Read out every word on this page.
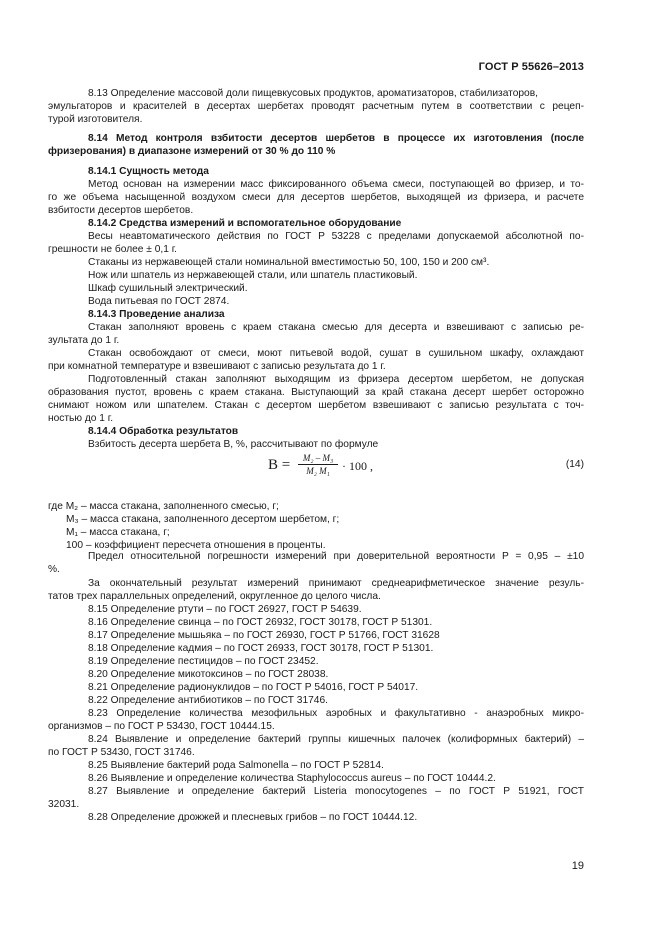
ГОСТ Р 55626–2013
8.13 Определение массовой доли пищевкусовых продуктов, ароматизаторов, стабилизаторов,
эмульгаторов и красителей в десертах шербетах проводят расчетным путем в соответствии с рецеп-
турой изготовителя.
8.14 Метод контроля взбитости десертов шербетов в процессе их изготовления (после
фризерования) в диапазоне измерений от 30 % до 110 %
8.14.1 Сущность метода
Метод основан на измерении масс фиксированного объема смеси, поступающей во фризер, и то-
го же объема насыщенной воздухом смеси для десертов шербетов, выходящей из фризера, и расчете
взбитости десертов шербетов.
8.14.2 Средства измерений и вспомогательное оборудование
Весы неавтоматического действия по ГОСТ Р 53228 с пределами допускаемой абсолютной по-
грешности не более ± 0,1 г.
Стаканы из нержавеющей стали номинальной вместимостью 50, 100, 150 и 200 см³.
Нож или шпатель из нержавеющей стали, или шпатель пластиковый.
Шкаф сушильный электрический.
Вода питьевая по ГОСТ 2874.
8.14.3 Проведение анализа
Стакан заполняют вровень с краем стакана смесью для десерта и взвешивают с записью ре-
зультата до 1 г.
Стакан освобождают от смеси, моют питьевой водой, сушат в сушильном шкафу, охлаждают
при комнатной температуре и взвешивают с записью результата до 1 г.
Подготовленный стакан заполняют выходящим из фризера десертом шербетом, не допуская
образования пустот, вровень с краем стакана. Выступающий за край стакана десерт шербет осторожно
снимают ножом или шпателем. Стакан с десертом шербетом взвешивают с записью результата с точ-
ностью до 1 г.
8.14.4 Обработка результатов
Взбитость десерта шербета В, %, рассчитывают по формуле
$B = \frac{\text{M₂ – M₃}}{\text{M₂ M₁}} \cdot 100$ ,	(14)
где M₂ – масса стакана, заполненного смесью, г;
M₃ – масса стакана, заполненного десертом шербетом, г;
M₁ – масса стакана, г;
100 – коэффициент пересчета отношения в проценты.
Предел относительной погрешности измерений при доверительной вероятности P = 0,95 – ±10
%.
За окончательный результат измерений принимают среднеарифметическое значение резуль-
татов трех параллельных определений, округленное до целого числа.
8.15 Определение ртути – по ГОСТ 26927, ГОСТ Р 54639.
8.16 Определение свинца – по ГОСТ 26932, ГОСТ 30178, ГОСТ Р 51301.
8.17 Определение мышьяка – по ГОСТ 26930, ГОСТ Р 51766, ГОСТ 31628
8.18 Определение кадмия – по ГОСТ 26933, ГОСТ 30178, ГОСТ Р 51301.
8.19 Определение пестицидов – по ГОСТ 23452.
8.20 Определение микотоксинов – по ГОСТ 28038.
8.21 Определение радионуклидов – по ГОСТ Р 54016, ГОСТ Р 54017.
8.22 Определение антибиотиков – по ГОСТ 31746.
8.23 Определение количества мезофильных аэробных и факультативно - анаэробных микро-
организмов – по ГОСТ Р 53430, ГОСТ 10444.15.
8.24 Выявление и определение бактерий группы кишечных палочек (колиформных бактерий) –
по ГОСТ Р 53430, ГОСТ 31746.
8.25 Выявление бактерий рода Salmonella – по ГОСТ Р 52814.
8.26 Выявление и определение количества Staphylococcus aureus – по ГОСТ 10444.2.
8.27 Выявление и определение бактерий Listeria monocytogenes – по ГОСТ Р 51921, ГОСТ
32031.
8.28 Определение дрожжей и плесневых грибов – по ГОСТ 10444.12.
19
